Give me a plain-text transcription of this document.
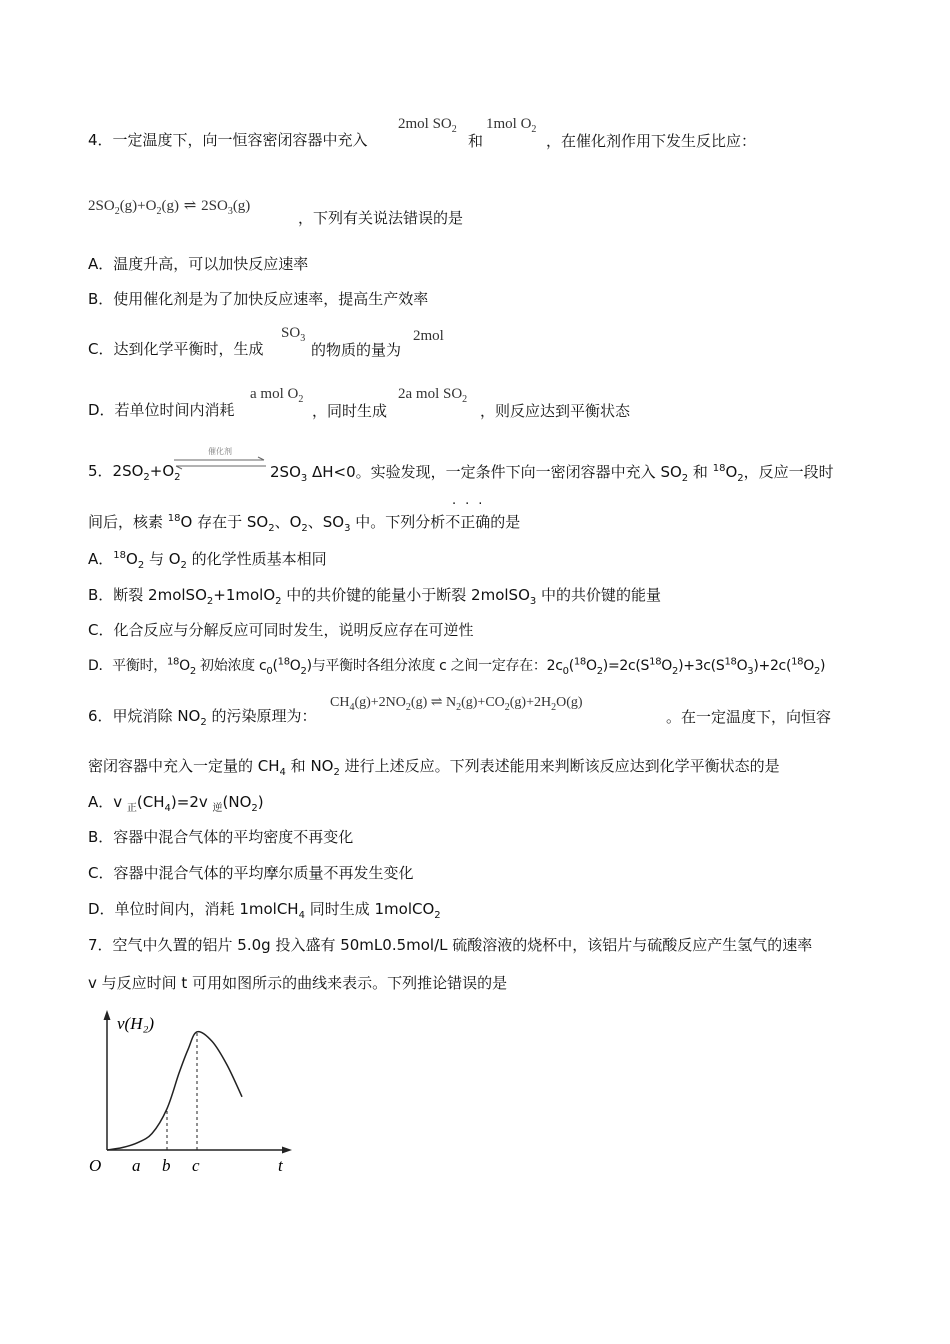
4．一定温度下，向一恒容密闭容器中充入
2mol $SO_2$
和
1mol $O_2$
，在催化剂作用下发生反比应：
$2SO_2(g)+O_2(g)$ ⇌ $2SO_3(g)$
，下列有关说法错误的是
A．温度升高，可以加快反应速率
B．使用催化剂是为了加快反应速率，提高生产效率
C．达到化学平衡时，生成
$SO_3$
的物质的量为
2mol
D．若单位时间内消耗
a mol $O_2$
，同时生成
2a mol $SO_2$
，则反应达到平衡状态
5．$2SO_2+O_2$
催化剂
$2SO_3$ ΔH<0。实验发现，一定条件下向一密闭容器中充入 $SO_2$ 和 $^{18}O_2$，反应一段时
间后，核素 $^{18}$O 存在于 $SO_2$、$O_2$、$SO_3$ 中。下列分析不正确的是
···
A．$^{18}O_2$ 与 $O_2$ 的化学性质基本相同
B．断裂 2molSO$_2$+1molO$_2$ 中的共价键的能量小于断裂 2molSO$_3$ 中的共价键的能量
C．化合反应与分解反应可同时发生，说明反应存在可逆性
D．平衡时，$^{18}O_2$ 初始浓度 $c_0(^{18}O_2)$与平衡时各组分浓度 c 之间一定存在：$2c_0(^{18}O_2)=2c(S^{18}O_2)+3c(S^{18}O_3)+2c(^{18}O_2)$
6．甲烷消除 $NO_2$ 的污染原理为：
$CH_4(g)+2NO_2(g)$ ⇌ $N_2(g)+CO_2(g)+2H_2O(g)$
。在一定温度下，向恒容
密闭容器中充入一定量的 $CH_4$ 和 $NO_2$ 进行上述反应。下列表述能用来判断该反应达到化学平衡状态的是
A．v $_正(CH_4)=2v$ $_逆(NO_2)$
B．容器中混合气体的平均密度不再变化
C．容器中混合气体的平均摩尔质量不再发生变化
D．单位时间内，消耗 1molCH$_4$ 同时生成 1molCO$_2$
7．空气中久置的铝片 5.0g 投入盛有 50mL0.5mol/L 硫酸溶液的烧杯中，该铝片与硫酸反应产生氢气的速率
v 与反应时间 t 可用如图所示的曲线来表示。下列推论错误的是
v(H₂)
t
O a b c
